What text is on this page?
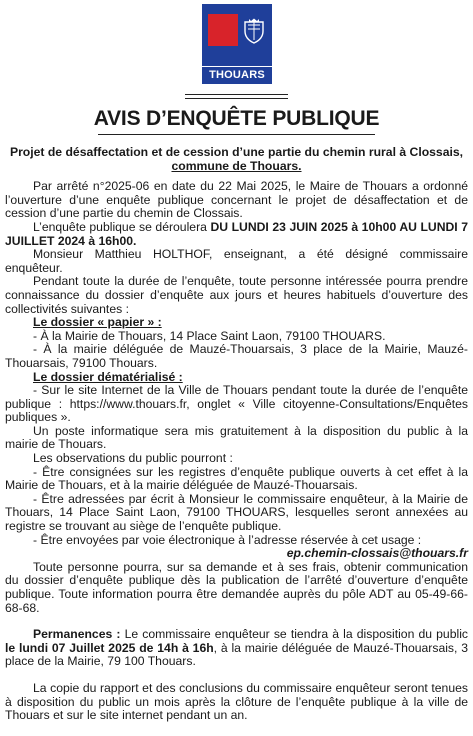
THOUARS
AVIS D’ENQUÊTE PUBLIQUE

Projet de désaffectation et de cession d’une partie du chemin rural à Clossais,

commune de Thouars.

Par arrêté n°2025-06 en date du 22 Mai 2025, le Maire de Thouars a ordonné l’ouverture d’une enquête publique concernant le projet de désaffectation et de cession d’une partie du chemin de Clossais.

L’enquête publique se déroulera DU LUNDI 23 JUIN 2025 à 10h00 AU LUNDI 7 JUILLET 2024 à 16h00.

Monsieur Matthieu HOLTHOF, enseignant, a été désigné commissaire enquêteur.

Pendant toute la durée de l’enquête, toute personne intéressée pourra prendre connaissance du dossier d’enquête aux jours et heures habituels d’ouverture des collectivités suivantes :

Le dossier « papier » :

- À la Mairie de Thouars, 14 Place Saint Laon, 79100 THOUARS.

- À la mairie déléguée de Mauzé-Thouarsais, 3 place de la Mairie, Mauzé-Thouarsais, 79100 Thouars.

Le dossier dématérialisé :

- Sur le site Internet de la Ville de Thouars pendant toute la durée de l’enquête publique : https://www.thouars.fr, onglet « Ville citoyenne-Consultations/Enquêtes publiques ».

Un poste informatique sera mis gratuitement à la disposition du public à la mairie de Thouars.

Les observations du public pourront :

- Être consignées sur les registres d’enquête publique ouverts à cet effet à la Mairie de Thouars, et à la mairie déléguée de Mauzé-Thouarsais.

- Être adressées par écrit à Monsieur le commissaire enquêteur, à la Mairie de Thouars, 14 Place Saint Laon, 79100 THOUARS, lesquelles seront annexées au registre se trouvant au siège de l’enquête publique.

- Être envoyées par voie électronique à l’adresse réservée à cet usage :

ep.chemin-clossais@thouars.fr

Toute personne pourra, sur sa demande et à ses frais, obtenir communication du dossier d’enquête publique dès la publication de l’arrêté d’ouverture d’enquête publique. Toute information pourra être demandée auprès du pôle ADT au 05-49-66-68-68.

Permanences : Le commissaire enquêteur se tiendra à la disposition du public le lundi 07 Juillet 2025 de 14h à 16h, à la mairie déléguée de Mauzé-Thouarsais, 3 place de la Mairie, 79 100 Thouars.

La copie du rapport et des conclusions du commissaire enquêteur seront tenues à disposition du public un mois après la clôture de l’enquête publique à la ville de Thouars et sur le site internet pendant un an.
